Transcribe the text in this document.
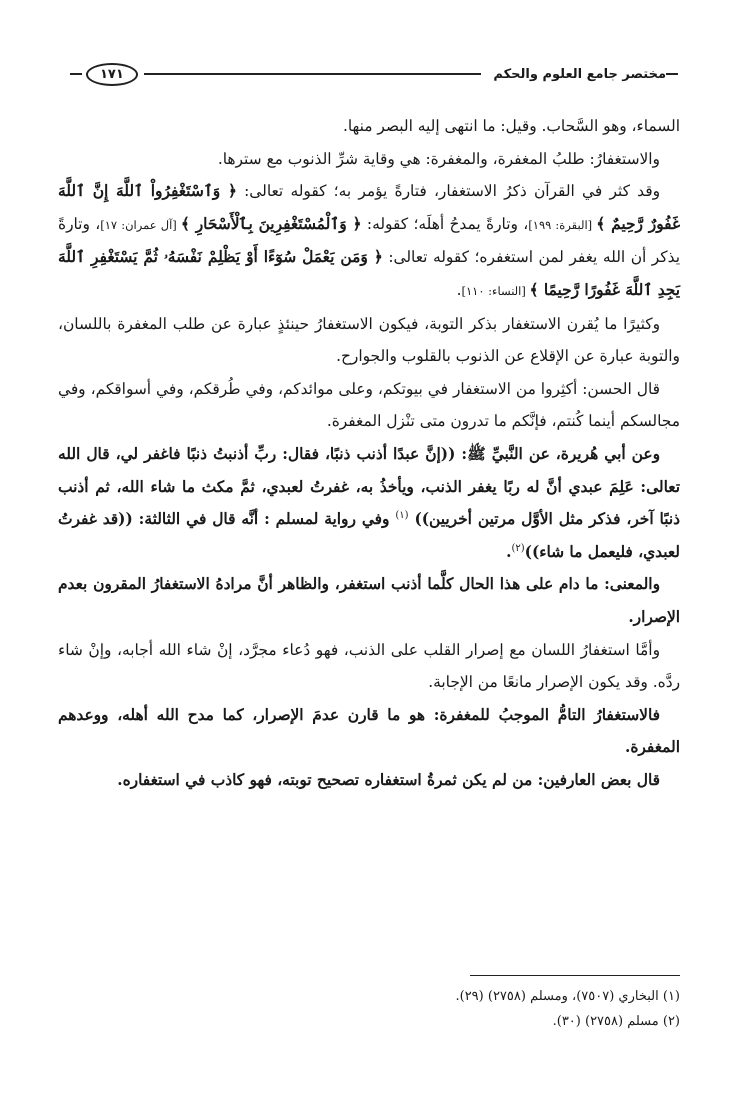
مختصر جامع العلوم والحكم
١٧١

السماء، وهو السَّحاب. وقيل: ما انتهى إليه البصر منها.

والاستغفارُ: طلبُ المغفرة، والمغفرة: هي وقاية شرِّ الذنوب مع سترها.

وقد كثر في القرآن ذكرُ الاستغفار، فتارةً يؤمر به؛ كقوله تعالى: ﴿ وَٱسْتَغْفِرُواْ ٱللَّهَ إِنَّ ٱللَّهَ غَفُورٌ رَّحِيمٌ ﴾ [البقرة: ١٩٩]، وتارةً يمدحُ أهلَه؛ كقوله: ﴿ وَٱلْمُسْتَغْفِرِينَ بِٱلْأَسْحَارِ ﴾ [آل عمران: ١٧]، وتارةً يذكر أن الله يغفر لمن استغفره؛ كقوله تعالى: ﴿ وَمَن يَعْمَلْ سُوٓءًا أَوْ يَظْلِمْ نَفْسَهُۥ ثُمَّ يَسْتَغْفِرِ ٱللَّهَ يَجِدِ ٱللَّهَ غَفُورًا رَّحِيمًا ﴾ [النساء: ١١٠].

وكثيرًا ما يُقرن الاستغفار بذكر التوبة، فيكون الاستغفارُ حينئذٍ عبارة عن طلب المغفرة باللسان، والتوبة عبارة عن الإقلاع عن الذنوب بالقلوب والجوارح.

قال الحسن: أكثِروا من الاستغفار في بيوتكم، وعلى موائدكم، وفي طُرقكم، وفي أسواقكم، وفي مجالسكم أينما كُنتم، فإنَّكم ما تدرون متى تنْزل المغفرة.

وعن أبي هُريرة، عن النَّبيِّ ﷺ: ((إنَّ عبدًا أذنب ذنبًا، فقال: ربِّ أذنبتُ ذنبًا فاغفر لي، قال الله تعالى: عَلِمَ عبدي أنَّ له ربًا يغفر الذنب، ويأخذُ به، غفرتُ لعبدي، ثمَّ مكث ما شاء الله، ثم أذنب ذنبًا آخر، فذكر مثل الأوَّل مرتين أخريين)) $^{(١)}$ وفي رواية لمسلم : أنَّه قال في الثالثة: ((قد غفرتُ لعبدي، فليعمل ما شاء))$^{(٢)}$.

والمعنى: ما دام على هذا الحال كلَّما أذنب استغفر، والظاهر أنَّ مرادهُ الاستغفارُ المقرون بعدم الإصرار.

وأمَّا استغفارُ اللسان مع إصرار القلب على الذنب، فهو دُعاء مجرَّد، إنْ شاء الله أجابه، وإنْ شاء ردَّه. وقد يكون الإصرار مانعًا من الإجابة.

فالاستغفارُ التامُّ الموجبُ للمغفرة: هو ما قارن عدمَ الإصرار، كما مدح الله أهله، ووعدهم المغفرة.

قال بعض العارفين: من لم يكن ثمرةُ استغفاره تصحيح توبته، فهو كاذب في استغفاره.

(١) البخاري (٧٥٠٧)، ومسلم (٢٧٥٨) (٢٩).

(٢) مسلم (٢٧٥٨) (٣٠).
